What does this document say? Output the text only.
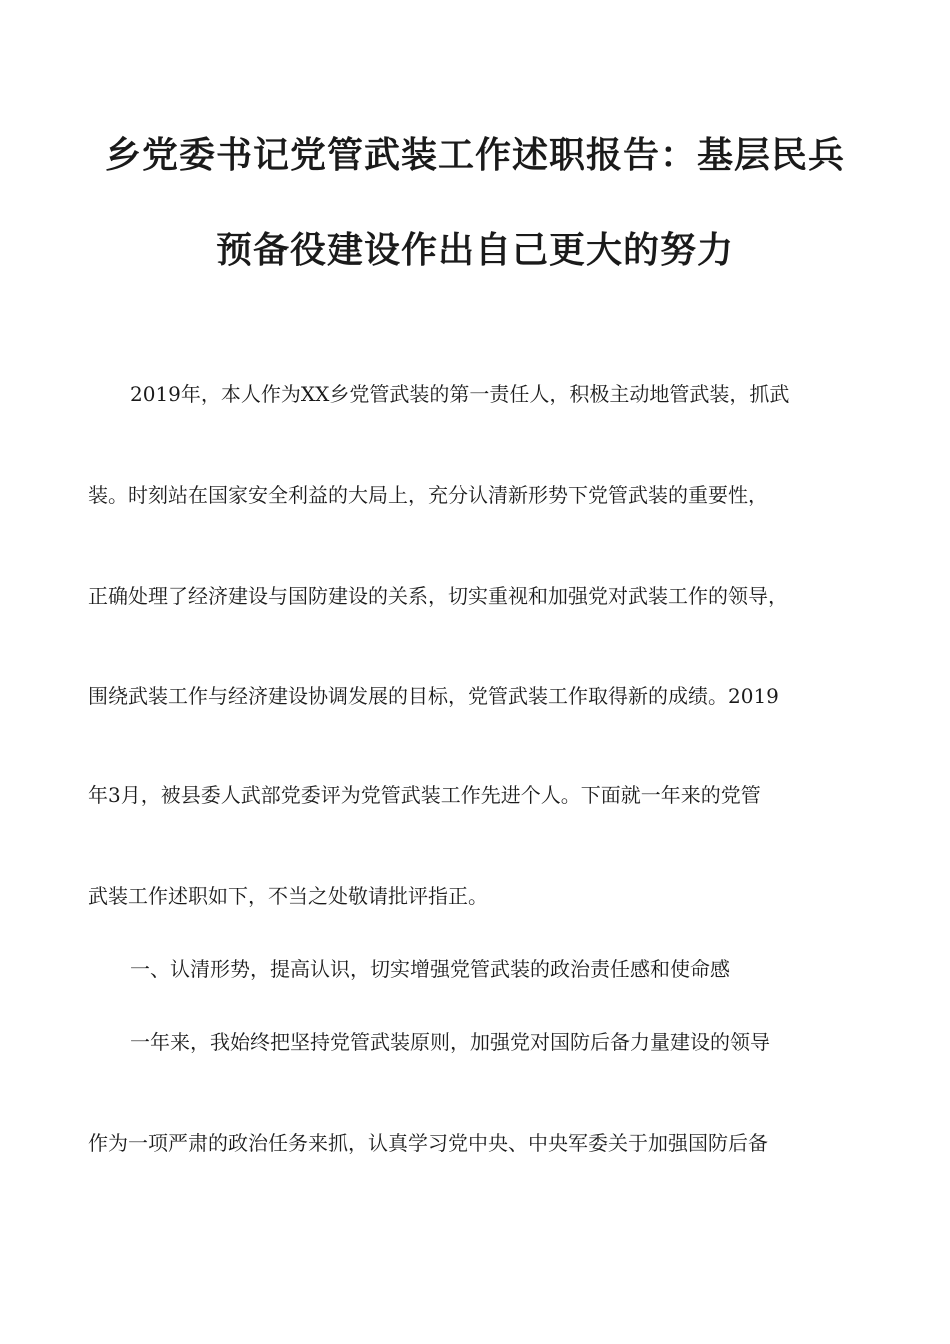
乡党委书记党管武装工作述职报告：基层民兵
预备役建设作出自己更大的努力

2019年，本人作为XX乡党管武装的第一责任人，积极主动地管武装，抓武

装。时刻站在国家安全利益的大局上，充分认清新形势下党管武装的重要性，

正确处理了经济建设与国防建设的关系，切实重视和加强党对武装工作的领导，

围绕武装工作与经济建设协调发展的目标，党管武装工作取得新的成绩。2019

年3月，被县委人武部党委评为党管武装工作先进个人。下面就一年来的党管

武装工作述职如下，不当之处敬请批评指正。

一、认清形势，提高认识，切实增强党管武装的政治责任感和使命感

一年来，我始终把坚持党管武装原则，加强党对国防后备力量建设的领导

作为一项严肃的政治任务来抓，认真学习党中央、中央军委关于加强国防后备
